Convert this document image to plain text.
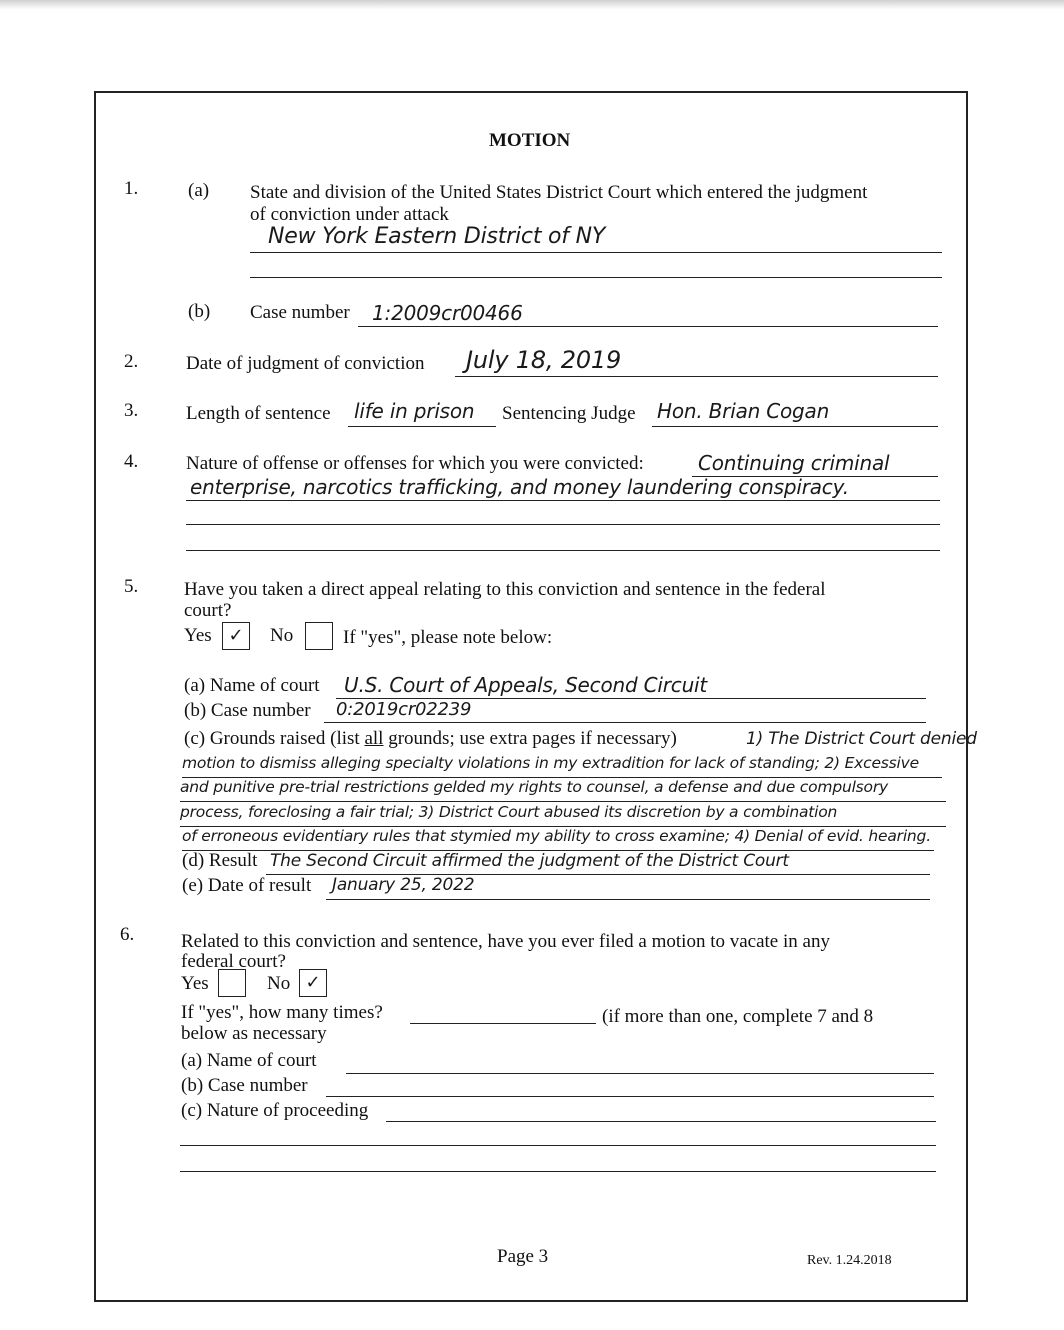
MOTION
1.	(a) State and division of the United States District Court which entered the judgment
of conviction under attack
New York Eastern District of NY
(b) Case number 1:2009cr00466
2.	Date of judgment of conviction July 18, 2019
3.	Length of sentence life in prison Sentencing Judge Hon. Brian Cogan
4.	Nature of offense or offenses for which you were convicted:	Continuing criminal
enterprise, narcotics trafficking, and money laundering conspiracy.
5. Have you taken a direct appeal relating to this conviction and sentence in the federal
court?
Yes ✓	No	If "yes", please note below:
(a) Name of court U.S. Court of Appeals, Second Circuit
(b) Case number 0:2019cr02239
(c) Grounds raised (list all grounds; use extra pages if necessary)	1) The District Court denied
motion to dismiss alleging specialty violations in my extradition for lack of standing; 2) Excessive
and punitive pre-trial restrictions gelded my rights to counsel, a defense and due compulsory
process, foreclosing a fair trial; 3) District Court abused its discretion by a combination
of erroneous evidentiary rules that stymied my ability to cross examine; 4) Denial of evid. hearing.
(d) Result The Second Circuit affirmed the judgment of the District Court
(e) Date of result January 25, 2022
6. Related to this conviction and sentence, have you ever filed a motion to vacate in any
federal court?
Yes	No ✓
If "yes", how many times?	(if more than one, complete 7 and 8
below as necessary
(a) Name of court
(b) Case number
(c) Nature of proceeding
Page 3	Rev. 1.24.2018
